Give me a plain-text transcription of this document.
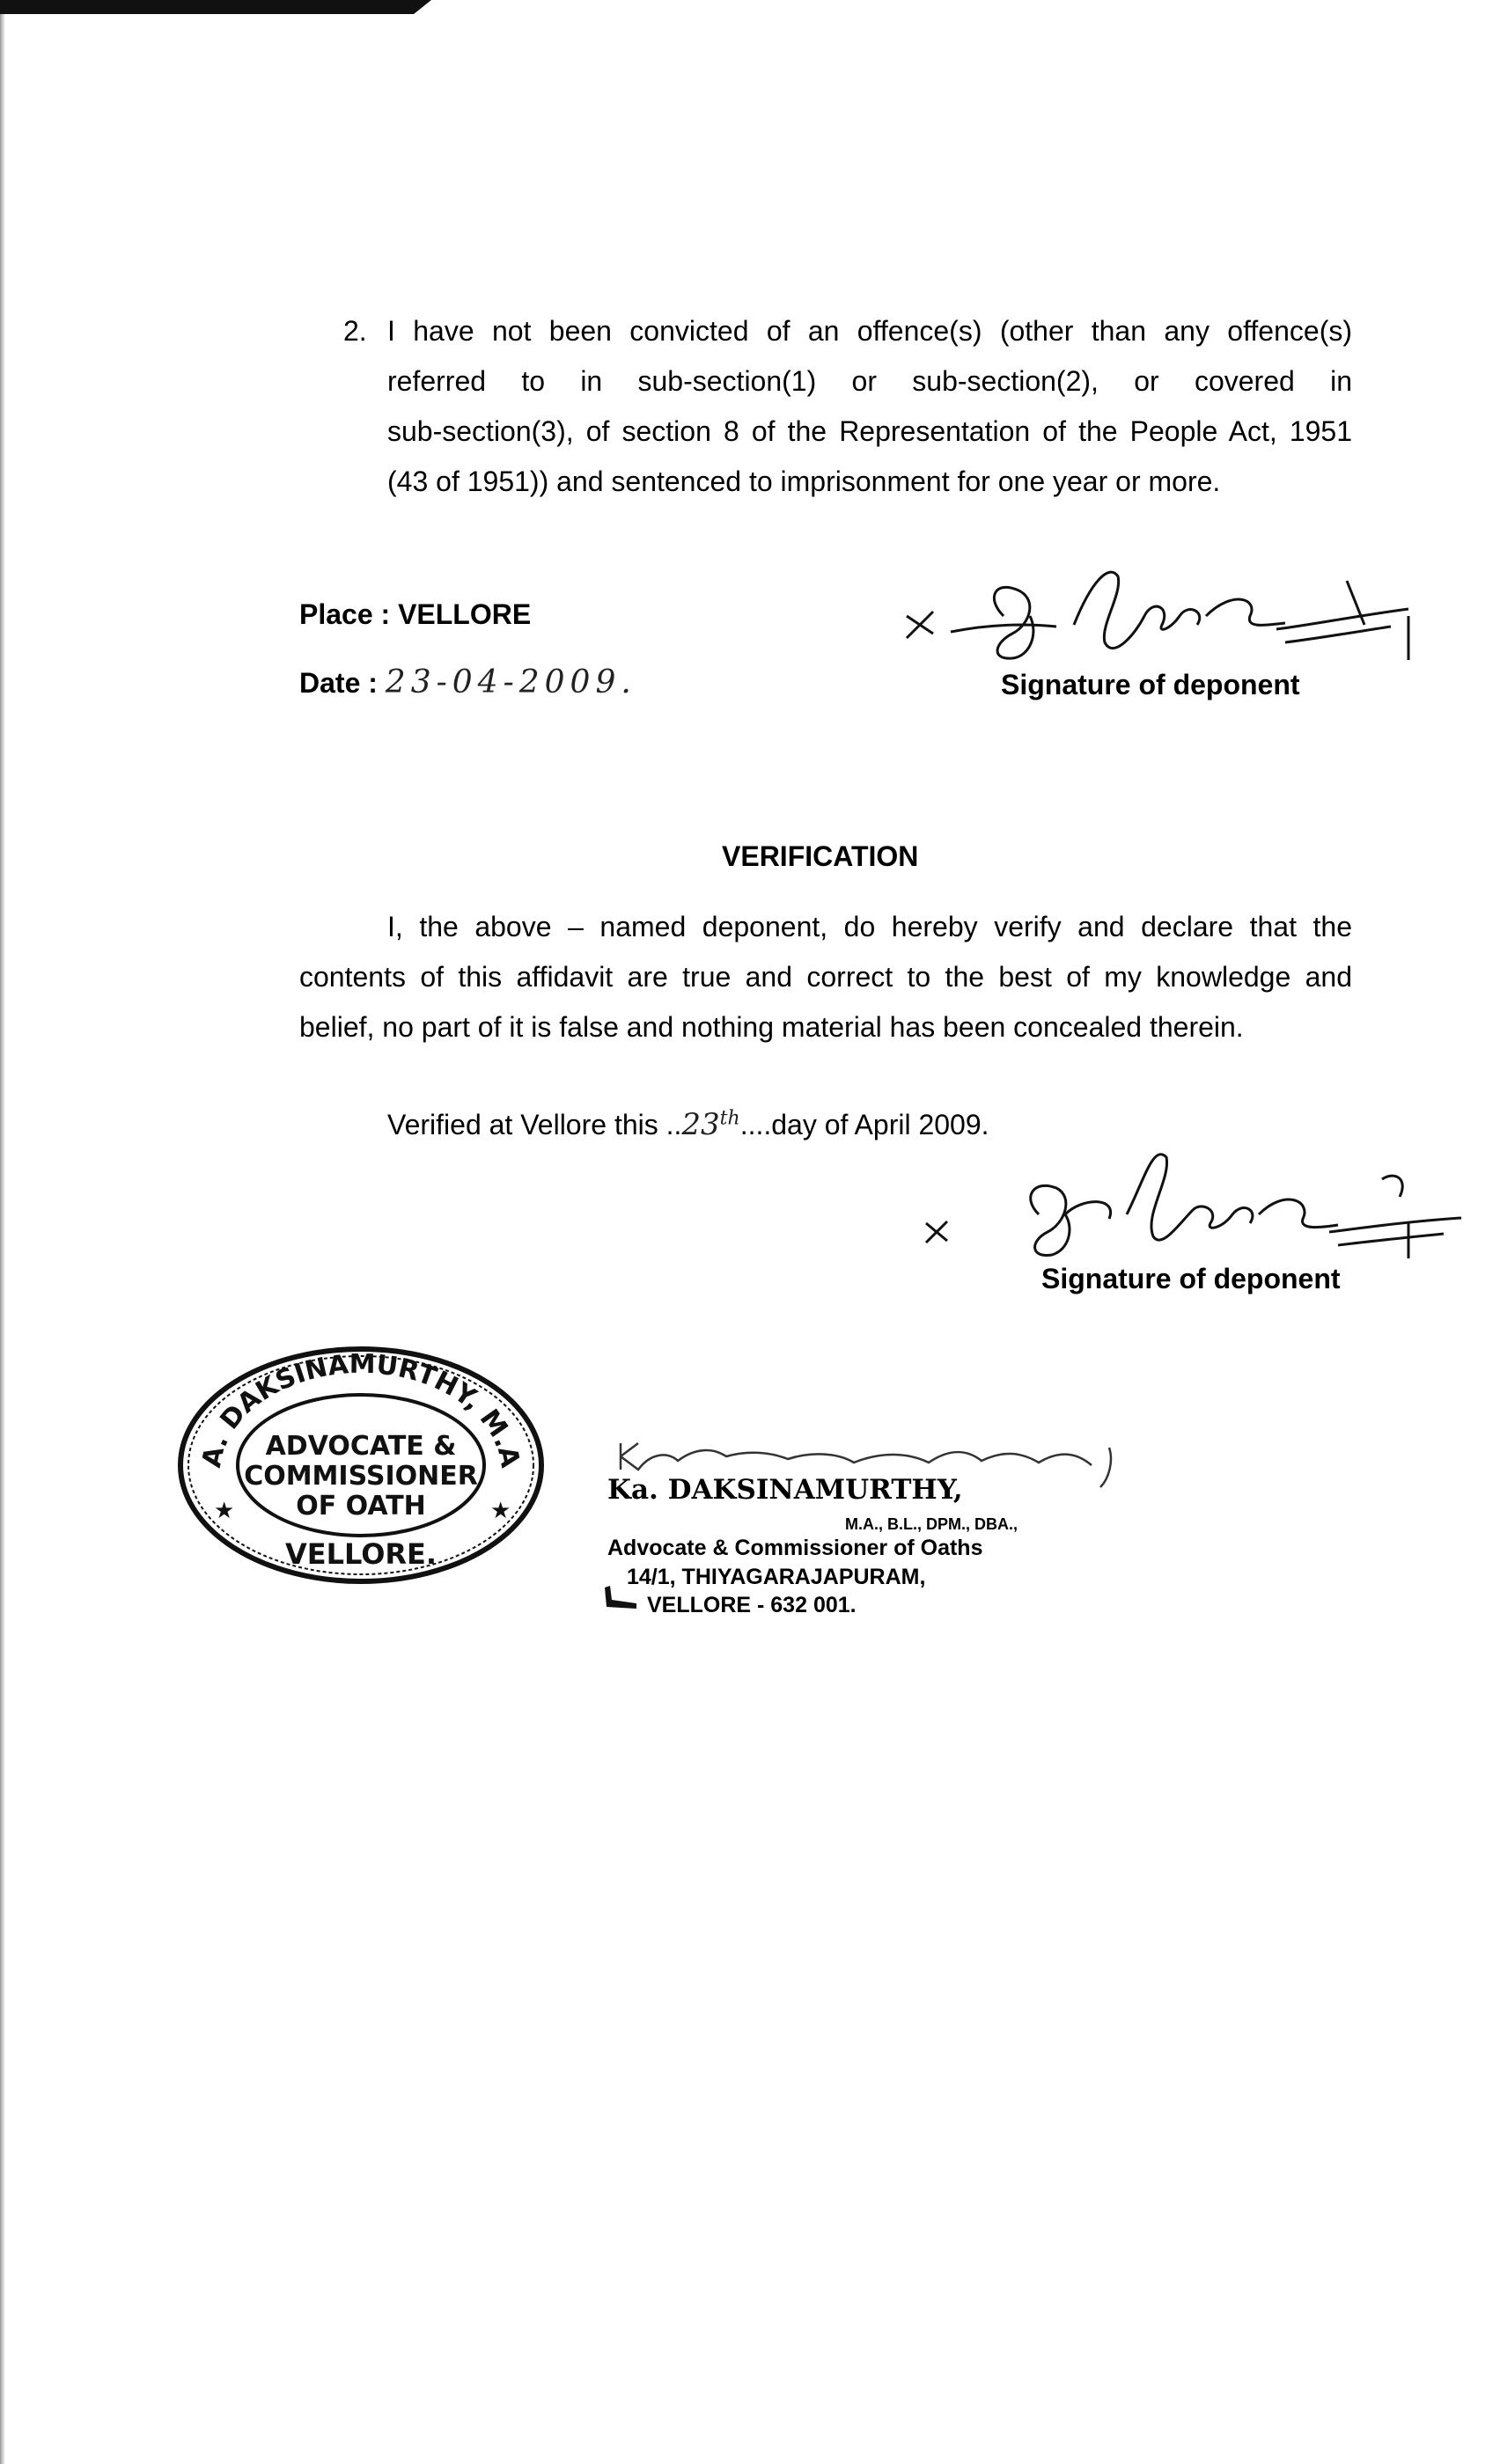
2. I have not been convicted of an offence(s) (other than any offence(s)
referred to in sub-section(1) or sub-section(2), or covered in
sub-section(3), of section 8 of the Representation of the People Act, 1951
(43 of 1951)) and sentenced to imprisonment for one year or more.
Place : VELLORE
Date : 23-04-2009.	Signature of deponent
VERIFICATION
I, the above – named deponent, do hereby verify and declare that the
contents of this affidavit are true and correct to the best of my knowledge and
belief, no part of it is false and nothing material has been concealed therein.
Verified at Vellore this ..23th....day of April 2009.
Signature of deponent
KA. DAKSINAMURTHY, M.A.,
ADVOCATE &
COMMISSIONER
OF OATH
★	★
VELLORE.
Ka. DAKSINAMURTHY,
M.A., B.L., DPM., DBA.,
Advocate & Commissioner of Oaths
14/1, THIYAGARAJAPURAM,
VELLORE - 632 001.
